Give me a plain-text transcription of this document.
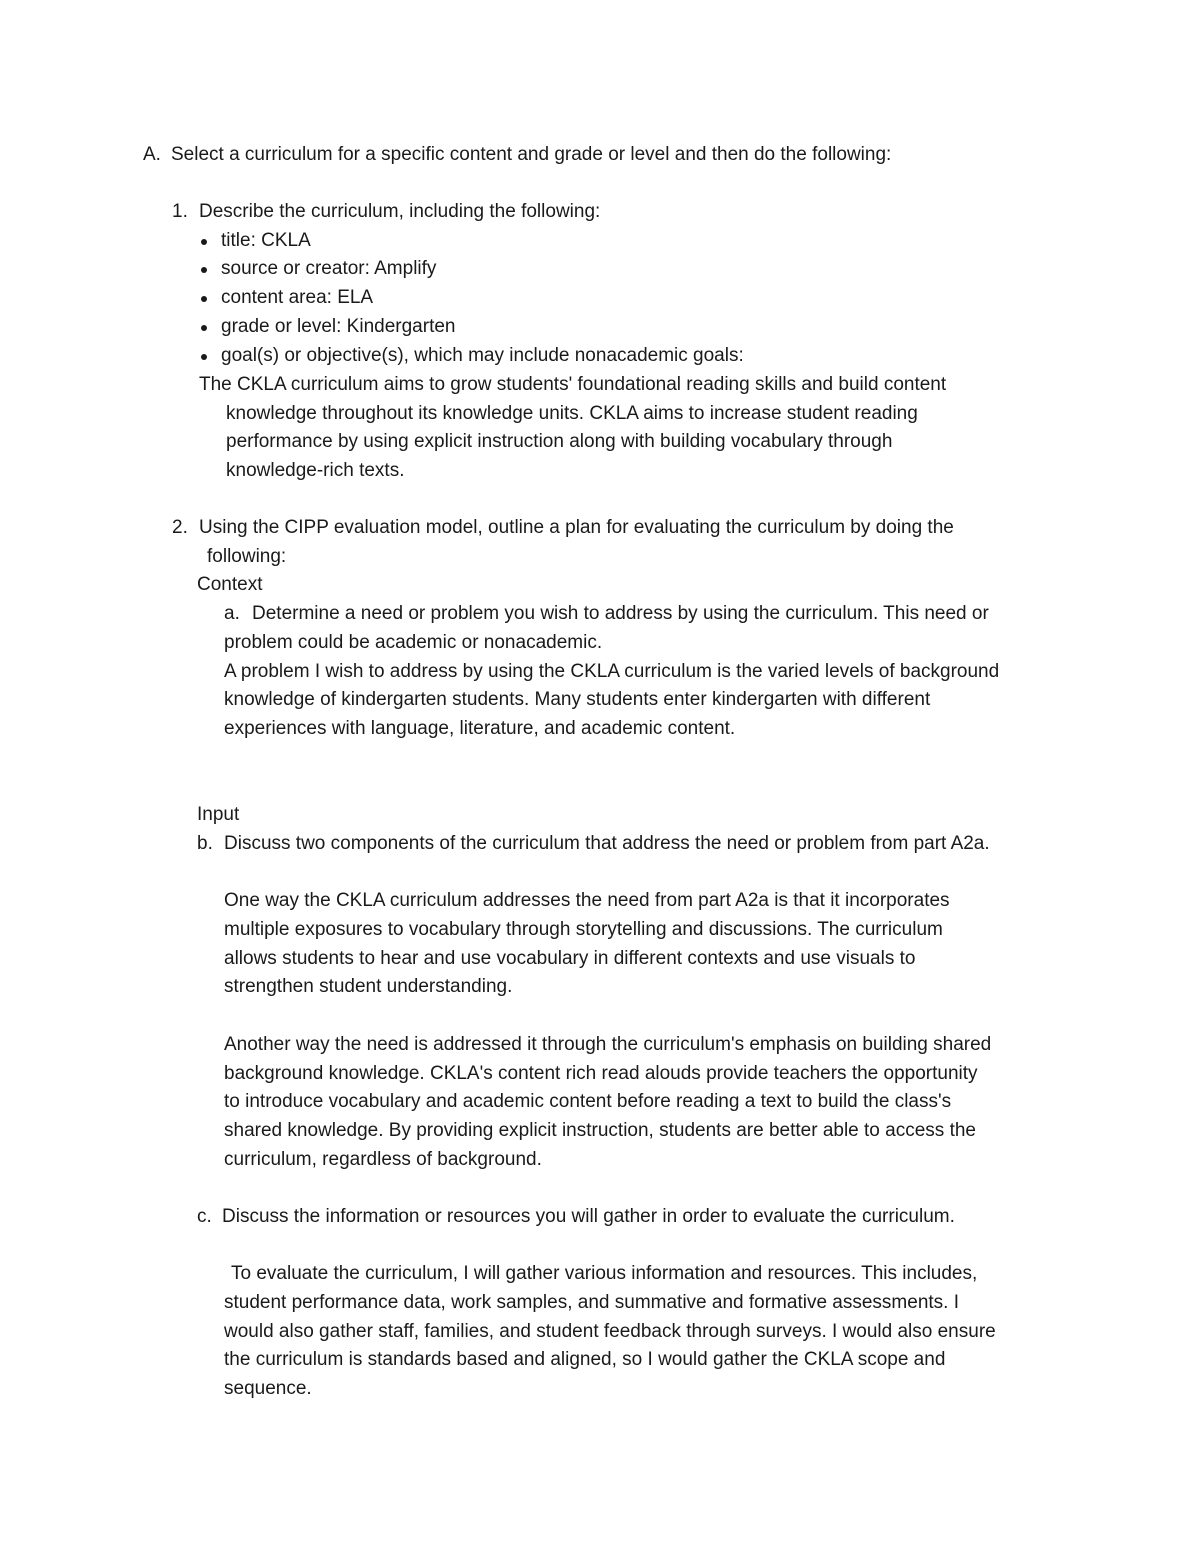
A. Select a curriculum for a specific content and grade or level and then do the following:
1. Describe the curriculum, including the following:
title: CKLA
source or creator: Amplify
content area: ELA
grade or level: Kindergarten
goal(s) or objective(s), which may include nonacademic goals:
The CKLA curriculum aims to grow students' foundational reading skills and build content
knowledge throughout its knowledge units. CKLA aims to increase student reading
performance by using explicit instruction along with building vocabulary through
knowledge-rich texts.
2. Using the CIPP evaluation model, outline a plan for evaluating the curriculum by doing the
following:
Context
a. Determine a need or problem you wish to address by using the curriculum. This need or
problem could be academic or nonacademic.
A problem I wish to address by using the CKLA curriculum is the varied levels of background
knowledge of kindergarten students. Many students enter kindergarten with different
experiences with language, literature, and academic content.
Input
b. Discuss two components of the curriculum that address the need or problem from part A2a.
One way the CKLA curriculum addresses the need from part A2a is that it incorporates
multiple exposures to vocabulary through storytelling and discussions. The curriculum
allows students to hear and use vocabulary in different contexts and use visuals to
strengthen student understanding.
Another way the need is addressed it through the curriculum's emphasis on building shared
background knowledge. CKLA's content rich read alouds provide teachers the opportunity
to introduce vocabulary and academic content before reading a text to build the class's
shared knowledge. By providing explicit instruction, students are better able to access the
curriculum, regardless of background.
c. Discuss the information or resources you will gather in order to evaluate the curriculum.
To evaluate the curriculum, I will gather various information and resources. This includes,
student performance data, work samples, and summative and formative assessments. I
would also gather staff, families, and student feedback through surveys. I would also ensure
the curriculum is standards based and aligned, so I would gather the CKLA scope and
sequence.
